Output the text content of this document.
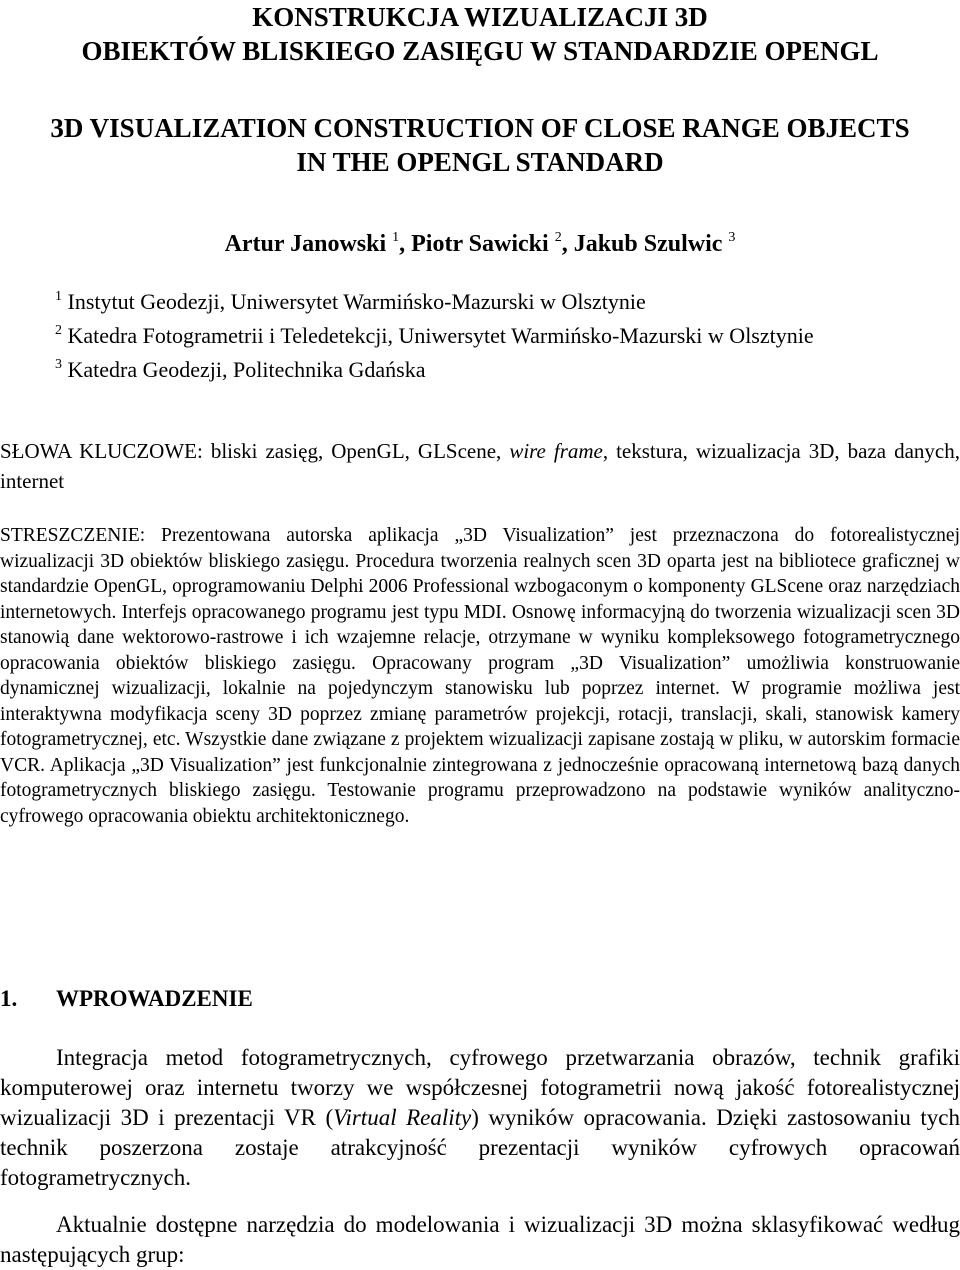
KONSTRUKCJA WIZUALIZACJI 3D
OBIEKTÓW BLISKIEGO ZASIĘGU W STANDARDZIE OPENGL
3D VISUALIZATION CONSTRUCTION OF CLOSE RANGE OBJECTS
IN THE OPENGL STANDARD
Artur Janowski $^1$, Piotr Sawicki $^2$, Jakub Szulwic $^3$
$^1$ Instytut Geodezji, Uniwersytet Warmińsko-Mazurski w Olsztynie
$^2$ Katedra Fotogrametrii i Teledetekcji, Uniwersytet Warmińsko-Mazurski w Olsztynie
$^3$ Katedra Geodezji, Politechnika Gdańska
SŁOWA KLUCZOWE: bliski zasięg, OpenGL, GLScene, wire frame, tekstura, wizualizacja 3D, baza danych, internet
STRESZCZENIE: Prezentowana autorska aplikacja „3D Visualization” jest przeznaczona do fotorealistycznej wizualizacji 3D obiektów bliskiego zasięgu. Procedura tworzenia realnych scen 3D oparta jest na bibliotece graficznej w standardzie OpenGL, oprogramowaniu Delphi 2006 Professional wzbogaconym o komponenty GLScene oraz narzędziach internetowych. Interfejs opracowanego programu jest typu MDI. Osnowę informacyjną do tworzenia wizualizacji scen 3D stanowią dane wektorowo-rastrowe i ich wzajemne relacje, otrzymane w wyniku kompleksowego fotogrametrycznego opracowania obiektów bliskiego zasięgu. Opracowany program „3D Visualization” umożliwia konstruowanie dynamicznej wizualizacji, lokalnie na pojedynczym stanowisku lub poprzez internet. W programie możliwa jest interaktywna modyfikacja sceny 3D poprzez zmianę parametrów projekcji, rotacji, translacji, skali, stanowisk kamery fotogrametrycznej, etc. Wszystkie dane związane z projektem wizualizacji zapisane zostają w pliku, w autorskim formacie VCR. Aplikacja „3D Visualization” jest funkcjonalnie zintegrowana z jednocześnie opracowaną internetową bazą danych fotogrametrycznych bliskiego zasięgu. Testowanie programu przeprowadzono na podstawie wyników analityczno-cyfrowego opracowania obiektu architektonicznego.
1. WPROWADZENIE
Integracja metod fotogrametrycznych, cyfrowego przetwarzania obrazów, technik grafiki komputerowej oraz internetu tworzy we współczesnej fotogrametrii nową jakość fotorealistycznej wizualizacji 3D i prezentacji VR (Virtual Reality) wyników opracowania. Dzięki zastosowaniu tych technik poszerzona zostaje atrakcyjność prezentacji wyników cyfrowych opracowań fotogrametrycznych.
Aktualnie dostępne narzędzia do modelowania i wizualizacji 3D można sklasyfikować według następujących grup:
